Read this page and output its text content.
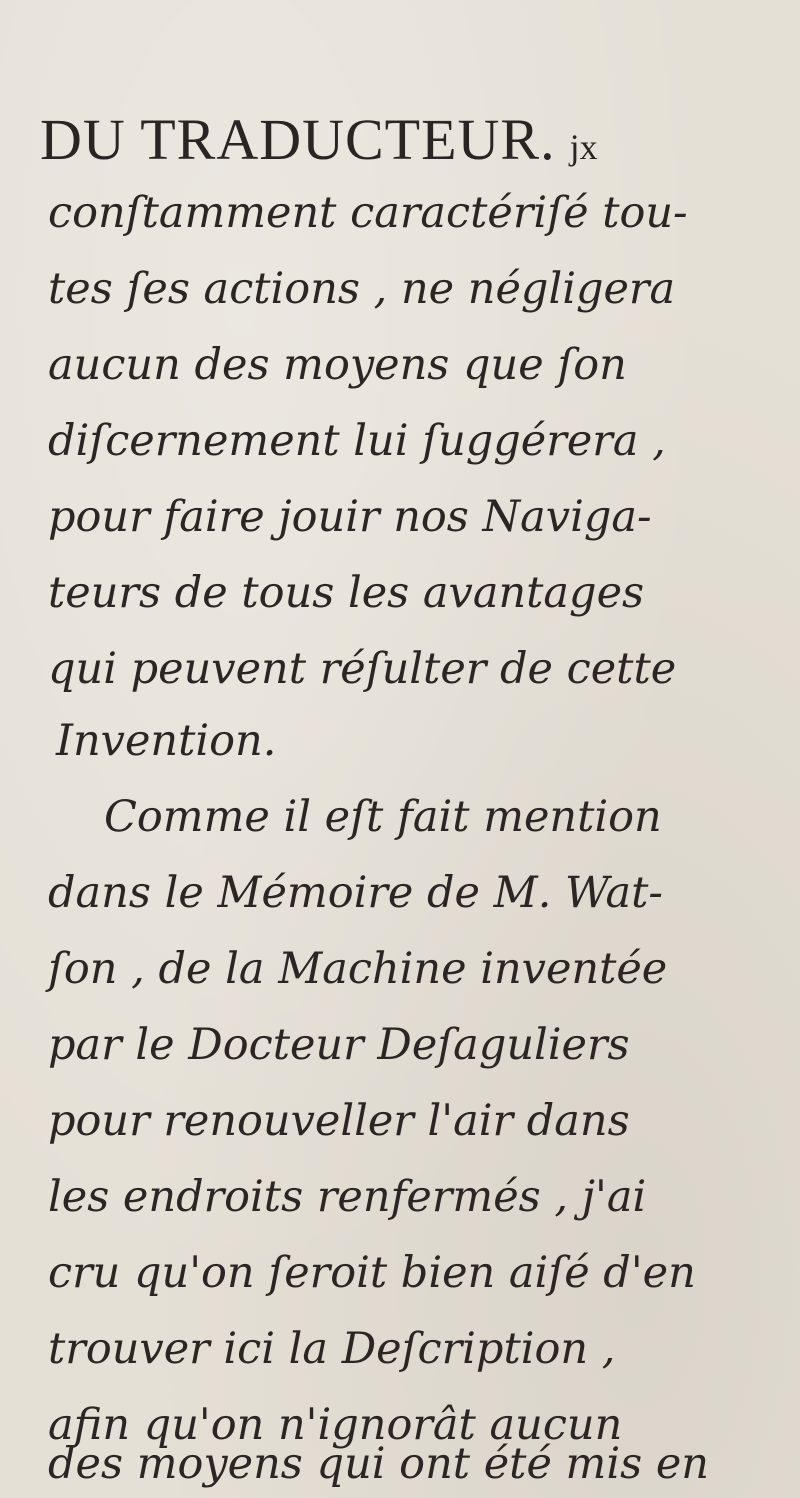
DU TRADUCTEUR. jx
conſtamment caractériſé tou-
tes ſes actions , ne négligera
aucun des moyens que ſon
diſcernement lui ſuggérera ,
pour faire jouir nos Naviga-
teurs de tous les avantages
qui peuvent réſulter de cette
Invention.
Comme il eſt fait mention
dans le Mémoire de M. Wat-
ſon , de la Machine inventée
par le Docteur Deſaguliers
pour renouveller l'air dans
les endroits renfermés , j'ai
cru qu'on ſeroit bien aiſé d'en
trouver ici la Deſcription ,
afin qu'on n'ignorât aucun
des moyens qui ont été mis en
